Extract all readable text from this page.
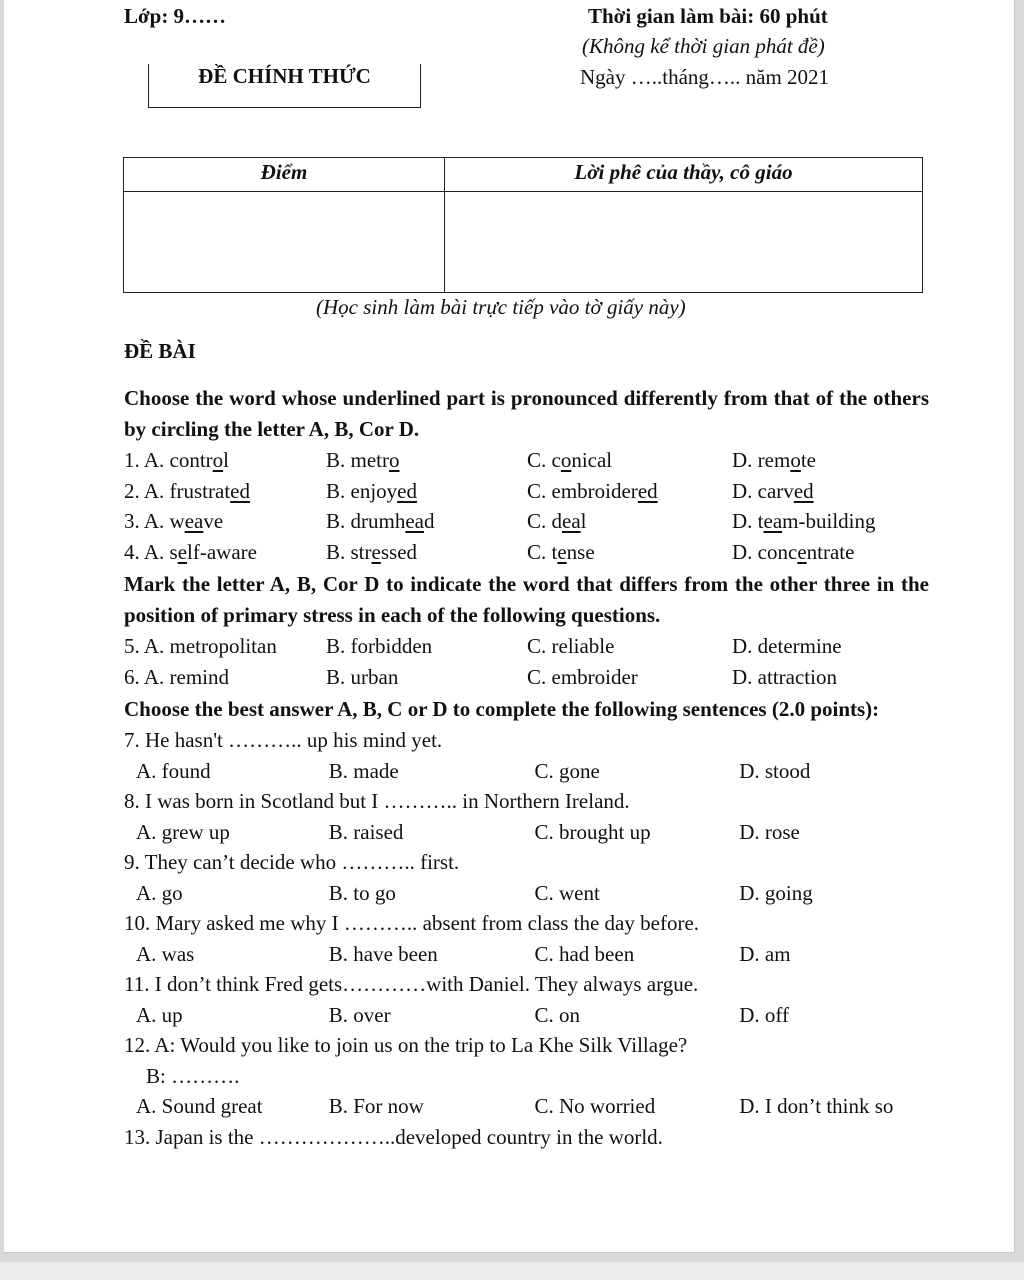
Lớp: 9……	Thời gian làm bài: 60 phút
(Không kể thời gian phát đề)
ĐỀ CHÍNH THỨC	Ngày …..tháng….. năm 2021
Điểm	Lời phê của thầy, cô giáo

(Học sinh làm bài trực tiếp vào tờ giấy này)
ĐỀ BÀI
Choose the word whose underlined part is pronounced differently from that of the others by circling the letter A, B, Cor D.
1. A. control	B. metro	C. conical	D. remote
2. A. frustrated	B. enjoyed	C. embroidered	D. carved
3. A. weave	B. drumhead	C. deal	D. team-building
4. A. self-aware	B. stressed	C. tense	D. concentrate
Mark the letter A, B, Cor D to indicate the word that differs from the other three in the position of primary stress in each of the following questions.
5. A. metropolitan	B. forbidden	C. reliable	D. determine
6. A. remind	B. urban	C. embroider	D. attraction
Choose the best answer A, B, C or D to complete the following sentences (2.0 points):
7. He hasn't ……….. up his mind yet.
A. found	B. made	C. gone	D. stood
8. I was born in Scotland but I ……….. in Northern Ireland.
A. grew up	B. raised	C. brought up	D. rose
9. They can’t decide who ……….. first.
A. go	B. to go	C. went	D. going
10. Mary asked me why I ……….. absent from class the day before.
A. was	B. have been	C. had been	D. am
11. I don’t think Fred gets…………with Daniel. They always argue.
A. up	B. over	C. on	D. off
12. A: Would you like to join us on the trip to La Khe Silk Village?
B: ……….
A. Sound great	B. For now	C. No worried	D. I don’t think so
13. Japan is the ………………..developed country in the world.
